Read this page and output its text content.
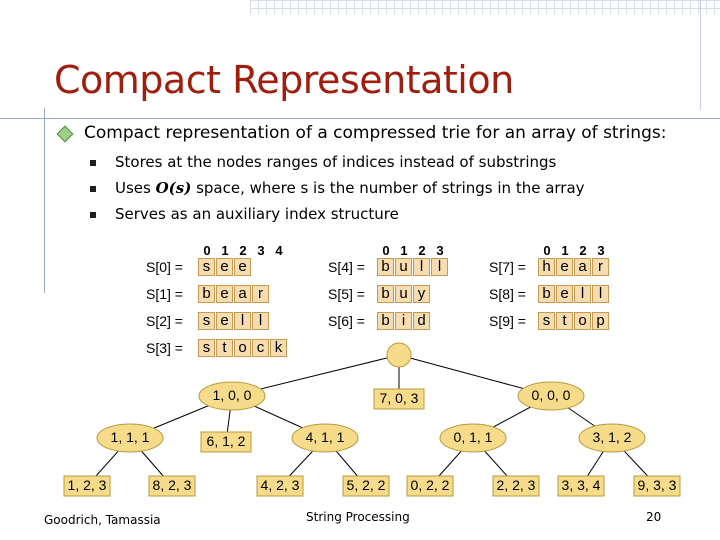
Compact Representation
Compact representation of a compressed trie for an array of strings:
Stores at the nodes ranges of indices instead of substrings
Uses O(s) space, where s is the number of strings in the array
Serves as an auxiliary index structure
0 1 2 3 4	0 1 2 3	0 1 2 3
S[0] =	s e e
S[1] = b e a r
S[2] =	s e l l
S[3] =	s t o c k
S[4] = b u l l
S[5] = b u y
S[6] = b i d
S[7] = h e a r
S[8] = b e l l
S[9] =	s t o p
1, 0, 0	7, 0, 3	0, 0, 0
1, 1, 1	6, 1, 2	4, 1, 1	0, 1, 1	3, 1, 2
1, 2, 3	8, 2, 3	4, 2, 3	5, 2, 2	0, 2, 2	2, 2, 3	3, 3, 4	9, 3, 3
Goodrich, Tamassia	String Processing	20
